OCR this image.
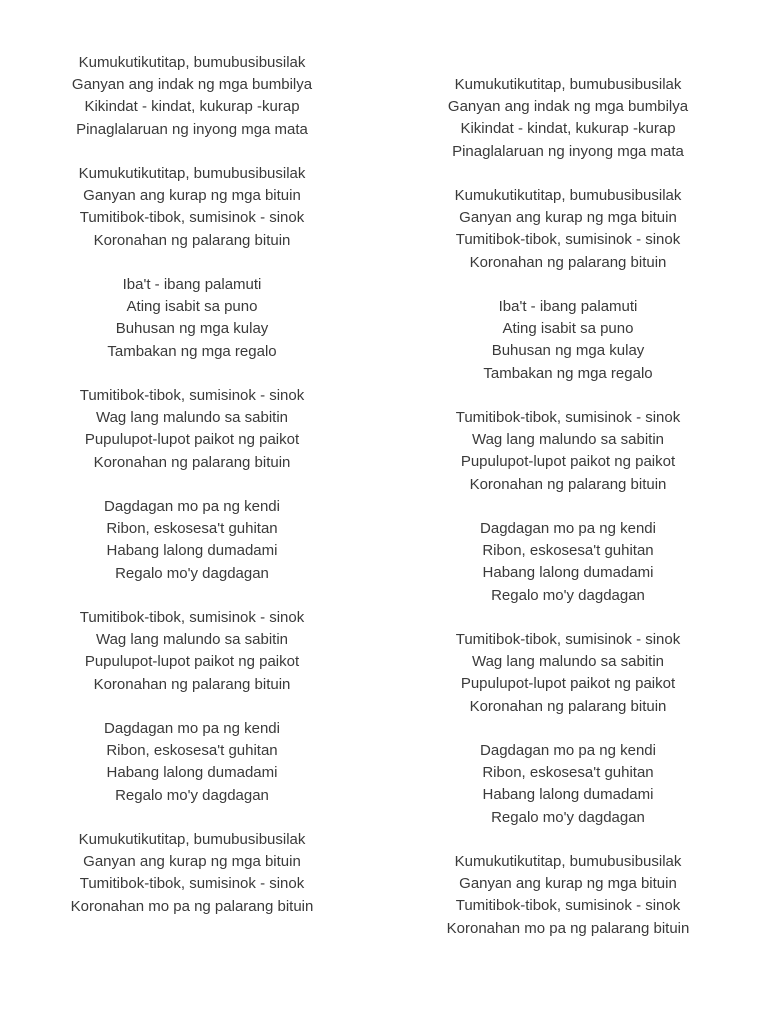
Kumukutikutitap, bumubusibusilak
Ganyan ang indak ng mga bumbilya
Kikindat - kindat, kukurap -kurap
Pinaglalaruan ng inyong mga mata
Kumukutikutitap, bumubusibusilak
Ganyan ang kurap ng mga bituin
Tumitibok-tibok, sumisinok - sinok
Koronahan ng palarang bituin
Iba't - ibang palamuti
Ating isabit sa puno
Buhusan ng mga kulay
Tambakan ng mga regalo
Tumitibok-tibok, sumisinok - sinok
Wag lang malundo sa sabitin
Pupulupot-lupot paikot ng paikot
Koronahan ng palarang bituin
Dagdagan mo pa ng kendi
Ribon, eskosesa't guhitan
Habang lalong dumadami
Regalo mo'y dagdagan
Tumitibok-tibok, sumisinok - sinok
Wag lang malundo sa sabitin
Pupulupot-lupot paikot ng paikot
Koronahan ng palarang bituin
Dagdagan mo pa ng kendi
Ribon, eskosesa't guhitan
Habang lalong dumadami
Regalo mo'y dagdagan
Kumukutikutitap, bumubusibusilak
Ganyan ang kurap ng mga bituin
Tumitibok-tibok, sumisinok - sinok
Koronahan mo pa ng palarang bituin
Kumukutikutitap, bumubusibusilak
Ganyan ang indak ng mga bumbilya
Kikindat - kindat, kukurap -kurap
Pinaglalaruan ng inyong mga mata
Kumukutikutitap, bumubusibusilak
Ganyan ang kurap ng mga bituin
Tumitibok-tibok, sumisinok - sinok
Koronahan ng palarang bituin
Iba't - ibang palamuti
Ating isabit sa puno
Buhusan ng mga kulay
Tambakan ng mga regalo
Tumitibok-tibok, sumisinok - sinok
Wag lang malundo sa sabitin
Pupulupot-lupot paikot ng paikot
Koronahan ng palarang bituin
Dagdagan mo pa ng kendi
Ribon, eskosesa't guhitan
Habang lalong dumadami
Regalo mo'y dagdagan
Tumitibok-tibok, sumisinok - sinok
Wag lang malundo sa sabitin
Pupulupot-lupot paikot ng paikot
Koronahan ng palarang bituin
Dagdagan mo pa ng kendi
Ribon, eskosesa't guhitan
Habang lalong dumadami
Regalo mo'y dagdagan
Kumukutikutitap, bumubusibusilak
Ganyan ang kurap ng mga bituin
Tumitibok-tibok, sumisinok - sinok
Koronahan mo pa ng palarang bituin
